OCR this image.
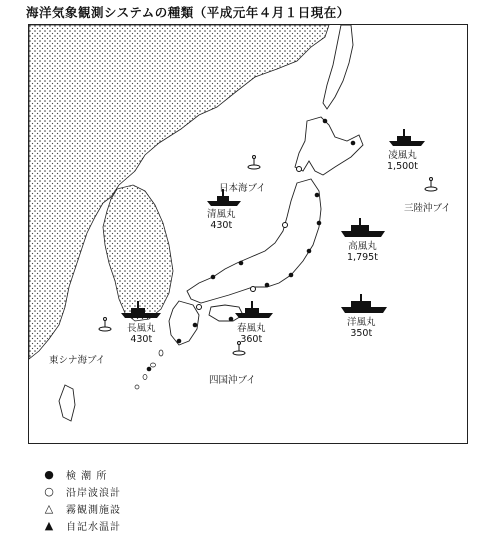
海洋気象観測システムの種類（平成元年４月１日現在）
日本海ブイ
三陸沖ブイ
東シナ海ブイ
四国沖ブイ
凌風丸
1,500t
清風丸
430t
高風丸
1,795t
洋風丸
350t
長風丸
430t
春風丸
360t
●	検 潮 所
○	沿岸波浪計
△	霧観測施設
▲	自記水温計
